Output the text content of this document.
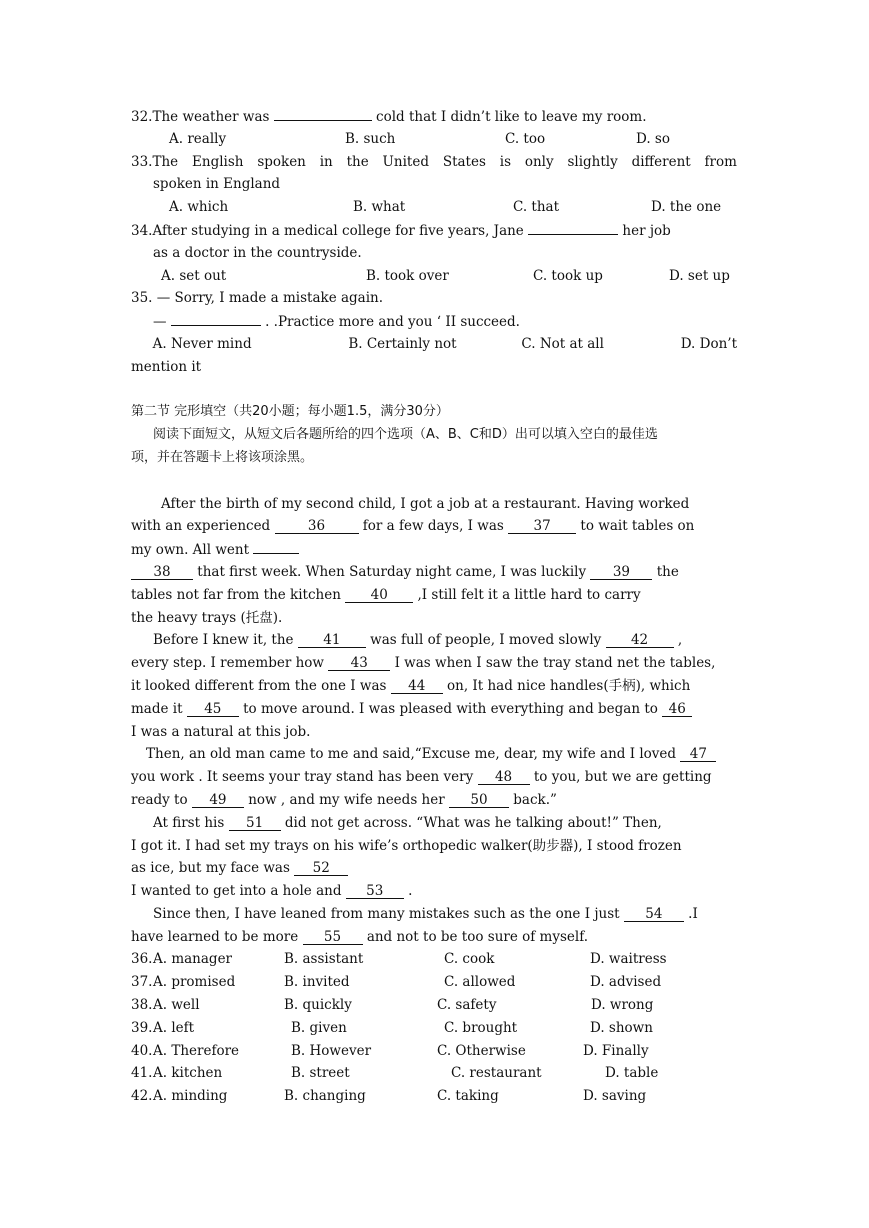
32.The weather was	cold that I didn’t like to leave my room.
A. really	B. such	C. too	D. so
33.The English spoken in the United States is only slightly different from
spoken in England
A. which	B. what	C. that	D. the one
34.After studying in a medical college for five years, Jane	her job
as a doctor in the countryside.
A. set out	B. took over	C. took up	D. set up
35. — Sorry, I made a mistake again.
—	. .Practice more and you ‘ II succeed.
A. Never mind	B. Certainly not	C. Not at all	D. Don’t
mention it
第二节 完形填空（共20小题；每小题1.5，满分30分）
阅读下面短文，从短文后各题所给的四个选项（A、B、C和D）出可以填入空白的最佳选
项，并在答题卡上将该项涂黑。
After the birth of my second child, I got a job at a restaurant. Having worked
with an experienced	36	for a few days, I was 37 to wait tables on
my own. All went
38 that first week. When Saturday night came, I was luckily 39 the
tables not far from the kitchen 40 ,I still felt it a little hard to carry
the heavy trays (托盘).
Before I knew it, the 41 was full of people, I moved slowly 42 ,
every step. I remember how 43 I was when I saw the tray stand net the tables,
it looked different from the one I was 44 on, It had nice handles(手柄), which
made it 45 to move around. I was pleased with everything and began to 46
I was a natural at this job.
Then, an old man came to me and said,“Excuse me, dear, my wife and I loved 47
you work . It seems your tray stand has been very 48 to you, but we are getting
ready to 49 now , and my wife needs her 50 back.”
At first his 51 did not get across. “What was he talking about!” Then,
I got it. I had set my trays on his wife’s orthopedic walker(助步器), I stood frozen
as ice, but my face was 52
I wanted to get into a hole and 53 .
Since then, I have leaned from many mistakes such as the one I just 54 .I
have learned to be more 55 and not to be too sure of myself.
36. A. manager	B. assistant	C. cook	D. waitress
37. A. promised	B. invited	C. allowed	D. advised
38. A. well	B. quickly	C. safety	D. wrong
39. A. left	B. given	C. brought	D. shown
40. A. Therefore	B. However	C. Otherwise	D. Finally
41. A. kitchen	B. street	C. restaurant	D. table
42. A. minding	B. changing	C. taking	D. saving
